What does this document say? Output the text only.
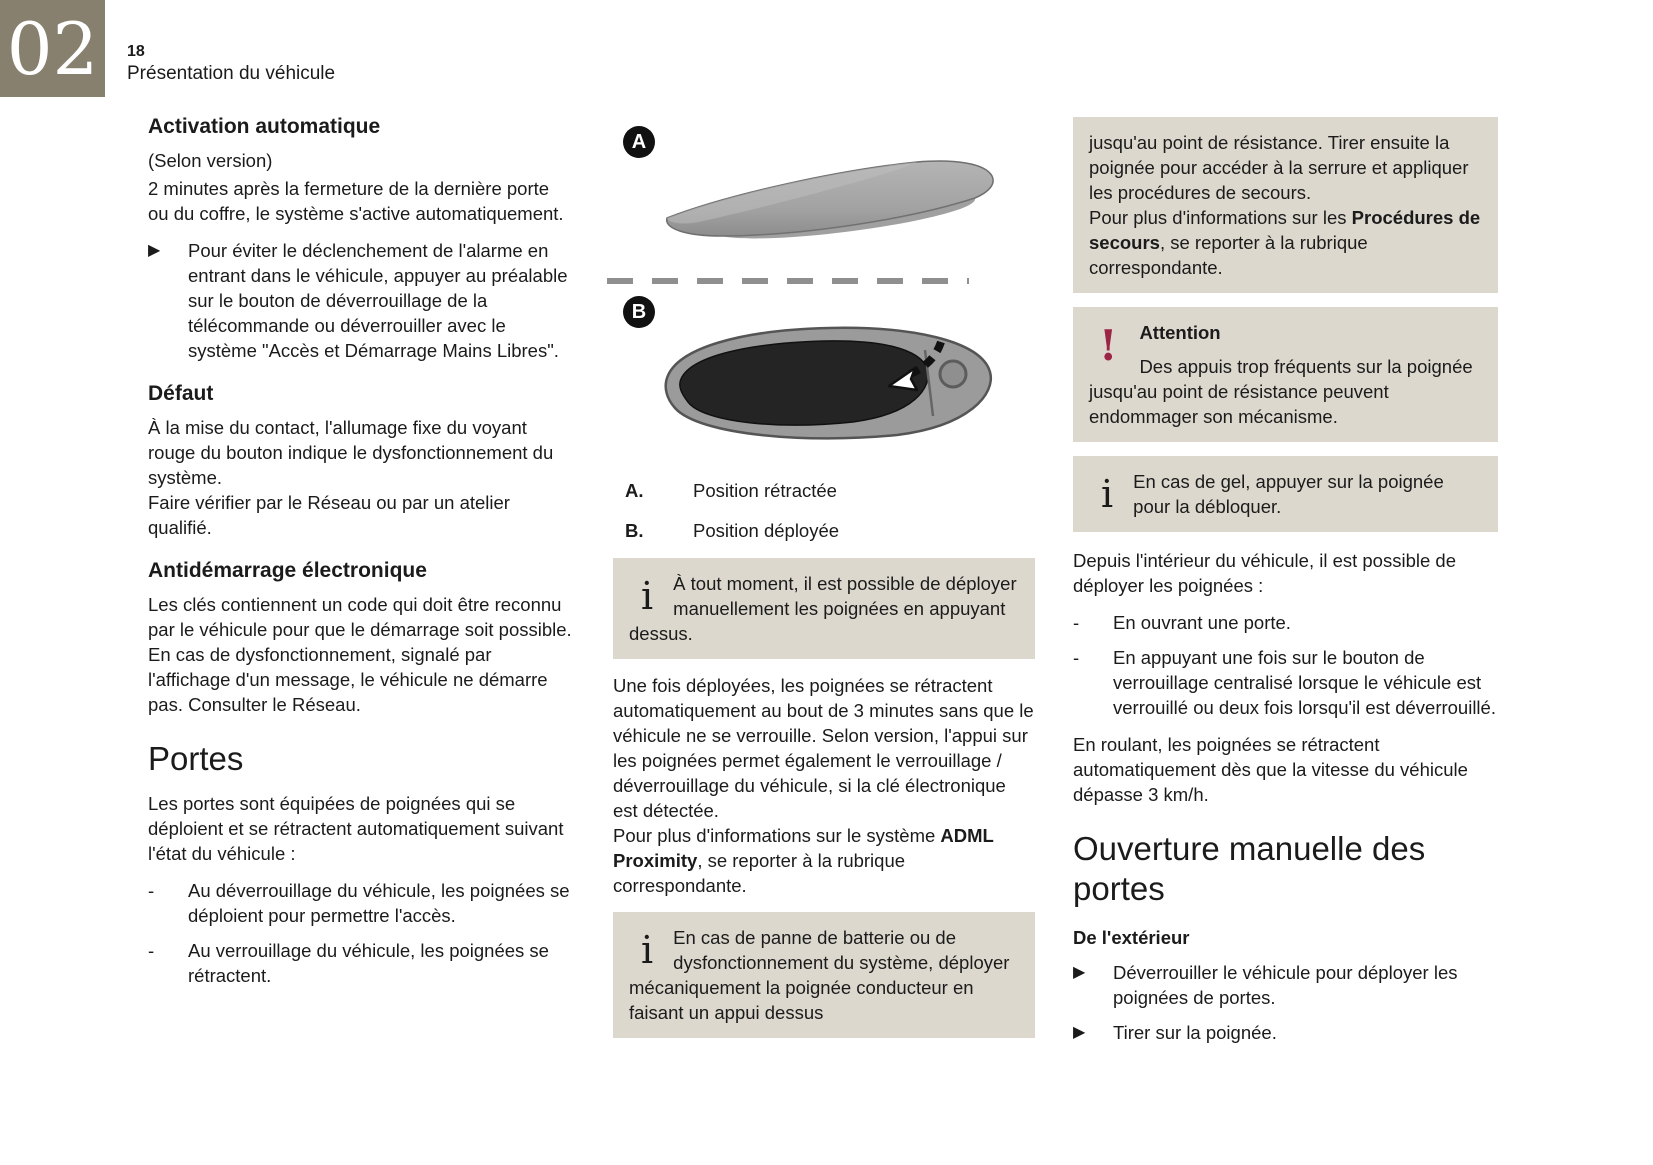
02 18
Présentation du véhicule
Activation automatique

(Selon version)

2 minutes après la fermeture de la dernière porte ou du coffre, le système s'active automatiquement.

▶	Pour éviter le déclenchement de l'alarme en entrant dans le véhicule, appuyer au préalable sur le bouton de déverrouillage de la télécommande ou déverrouiller avec le système "Accès et Démarrage Mains Libres".
Défaut

À la mise du contact, l'allumage fixe du voyant rouge du bouton indique le dysfonctionnement du système.

Faire vérifier par le Réseau ou par un atelier qualifié.

Antidémarrage électronique

Les clés contiennent un code qui doit être reconnu par le véhicule pour que le démarrage soit possible.

En cas de dysfonctionnement, signalé par l'affichage d'un message, le véhicule ne démarre pas. Consulter le Réseau.

Portes

Les portes sont équipées de poignées qui se déploient et se rétractent automatiquement suivant l'état du véhicule :

-	Au déverrouillage du véhicule, les poignées se déploient pour permettre l'accès.
-	Au verrouillage du véhicule, les poignées se rétractent.
A
B
A.	Position rétractée
B.	Position déployée
i	À tout moment, il est possible de déployer manuellement les poignées en appuyant dessus.

Une fois déployées, les poignées se rétractent automatiquement au bout de 3 minutes sans que le véhicule ne se verrouille. Selon version, l'appui sur les poignées permet également le verrouillage / déverrouillage du véhicule, si la clé électronique est détectée.

Pour plus d'informations sur le système ADML Proximity, se reporter à la rubrique correspondante.

i	En cas de panne de batterie ou de dysfonctionnement du système, déployer mécaniquement la poignée conducteur en faisant un appui dessus

jusqu'au point de résistance. Tirer ensuite la poignée pour accéder à la serrure et appliquer les procédures de secours.

Pour plus d'informations sur les Procédures de secours, se reporter à la rubrique correspondante.

!	Attention

Des appuis trop fréquents sur la poignée jusqu'au point de résistance peuvent endommager son mécanisme.

i	En cas de gel, appuyer sur la poignée pour la débloquer.

Depuis l'intérieur du véhicule, il est possible de déployer les poignées :

-	En ouvrant une porte.
-	En appuyant une fois sur le bouton de verrouillage centralisé lorsque le véhicule est verrouillé ou deux fois lorsqu'il est déverrouillé.

En roulant, les poignées se rétractent automatiquement dès que la vitesse du véhicule dépasse 3 km/h.

Ouverture manuelle des portes
De l'extérieur
▶	Déverrouiller le véhicule pour déployer les poignées de portes.
▶	Tirer sur la poignée.
